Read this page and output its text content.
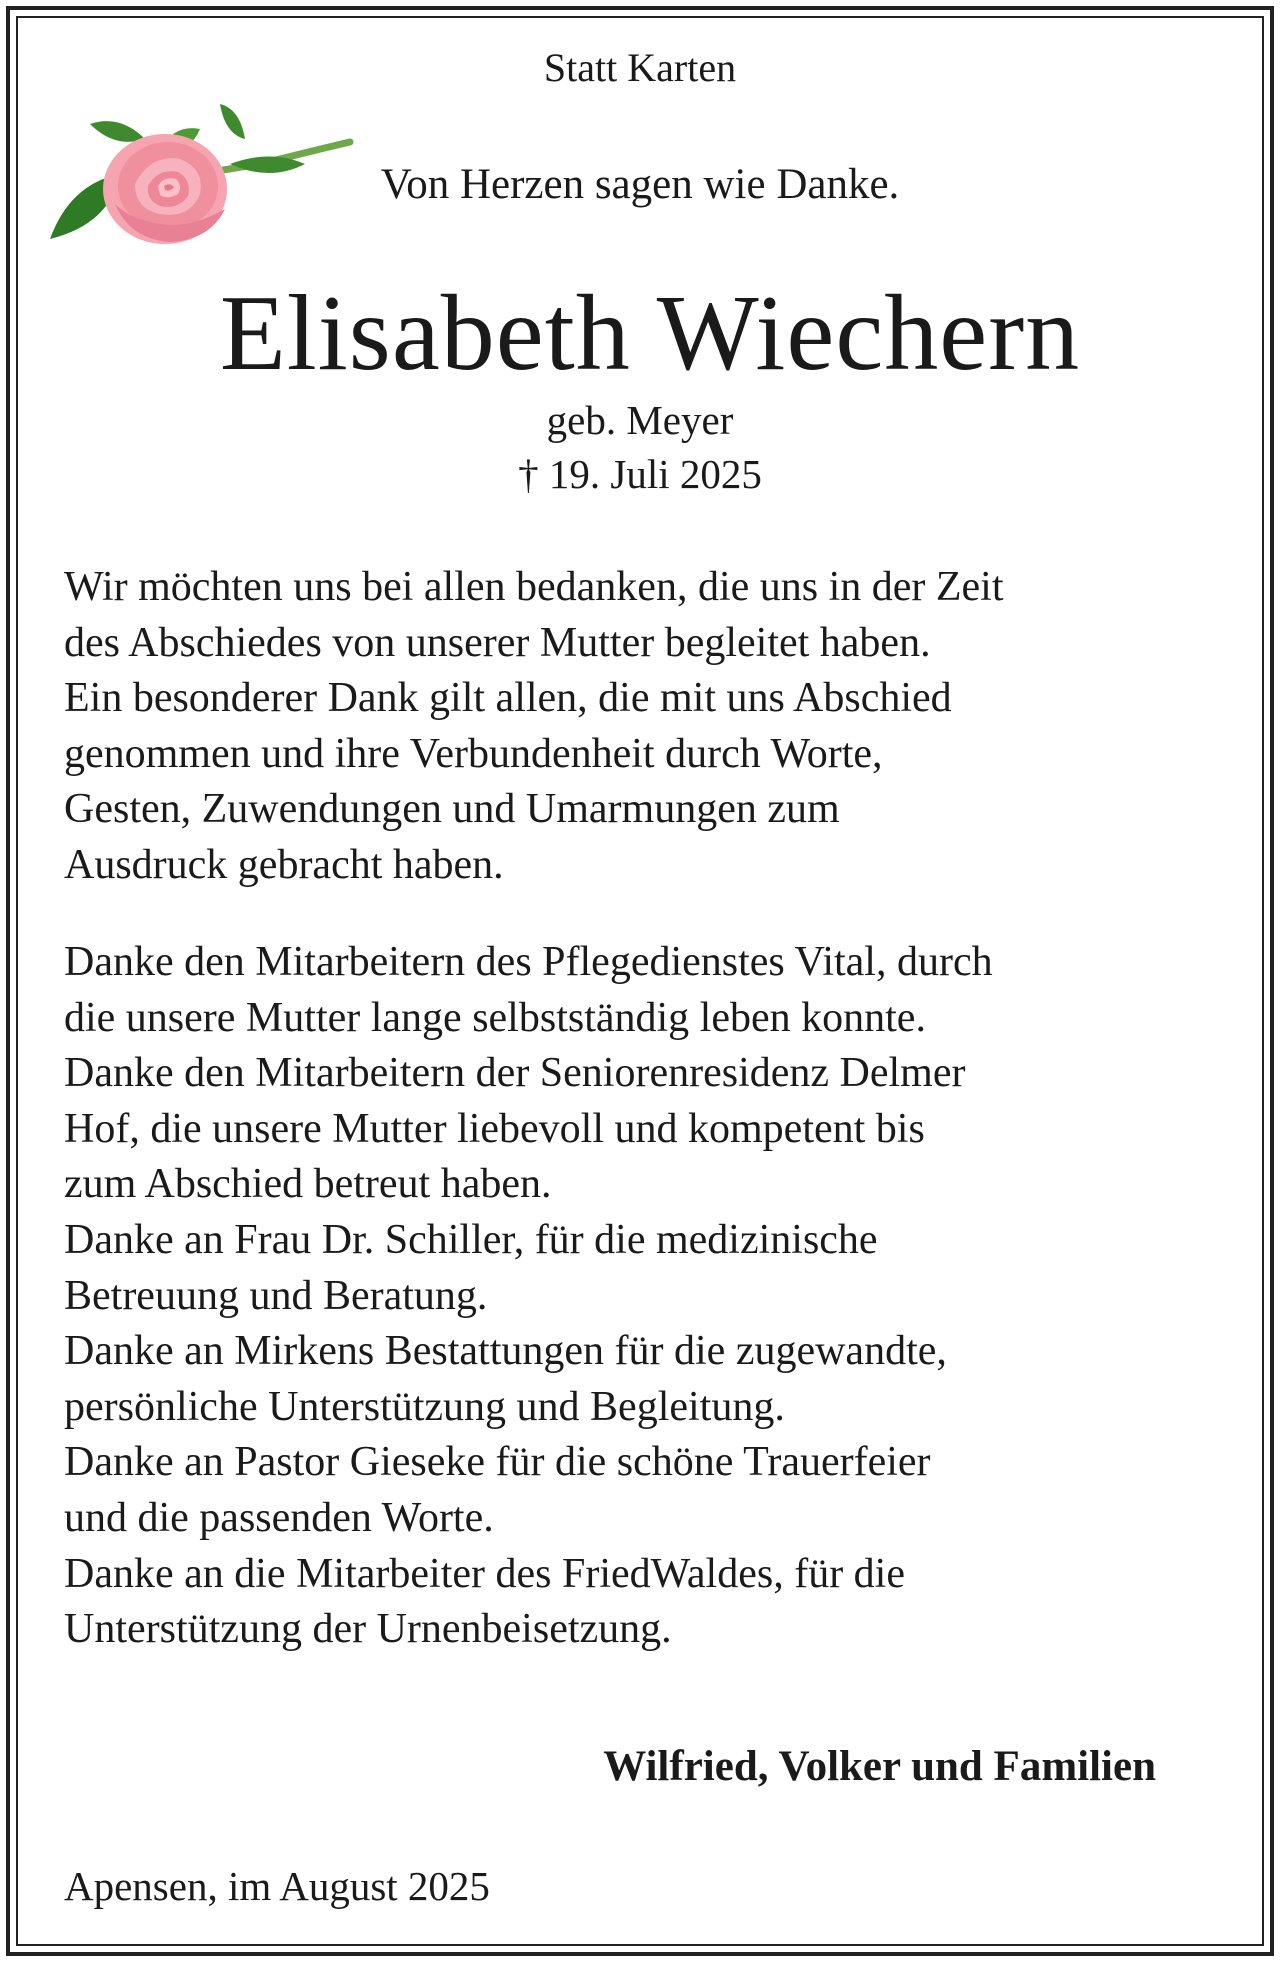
Statt Karten

Von Herzen sagen wie Danke.

Elisabeth Wiechern

geb. Meyer

† 19. Juli 2025

Wir möchten uns bei allen bedanken, die uns in der Zeit
des Abschiedes von unserer Mutter begleitet haben.
Ein besonderer Dank gilt allen, die mit uns Abschied
genommen und ihre Verbundenheit durch Worte,
Gesten, Zuwendungen und Umarmungen zum
Ausdruck gebracht haben.
Danke den Mitarbeitern des Pflegedienstes Vital, durch
die unsere Mutter lange selbstständig leben konnte.
Danke den Mitarbeitern der Seniorenresidenz Delmer
Hof, die unsere Mutter liebevoll und kompetent bis
zum Abschied betreut haben.
Danke an Frau Dr. Schiller, für die medizinische
Betreuung und Beratung.
Danke an Mirkens Bestattungen für die zugewandte,
persönliche Unterstützung und Begleitung.
Danke an Pastor Gieseke für die schöne Trauerfeier
und die passenden Worte.
Danke an die Mitarbeiter des FriedWaldes, für die
Unterstützung der Urnenbeisetzung.

Wilfried, Volker und Familien

Apensen, im August 2025
